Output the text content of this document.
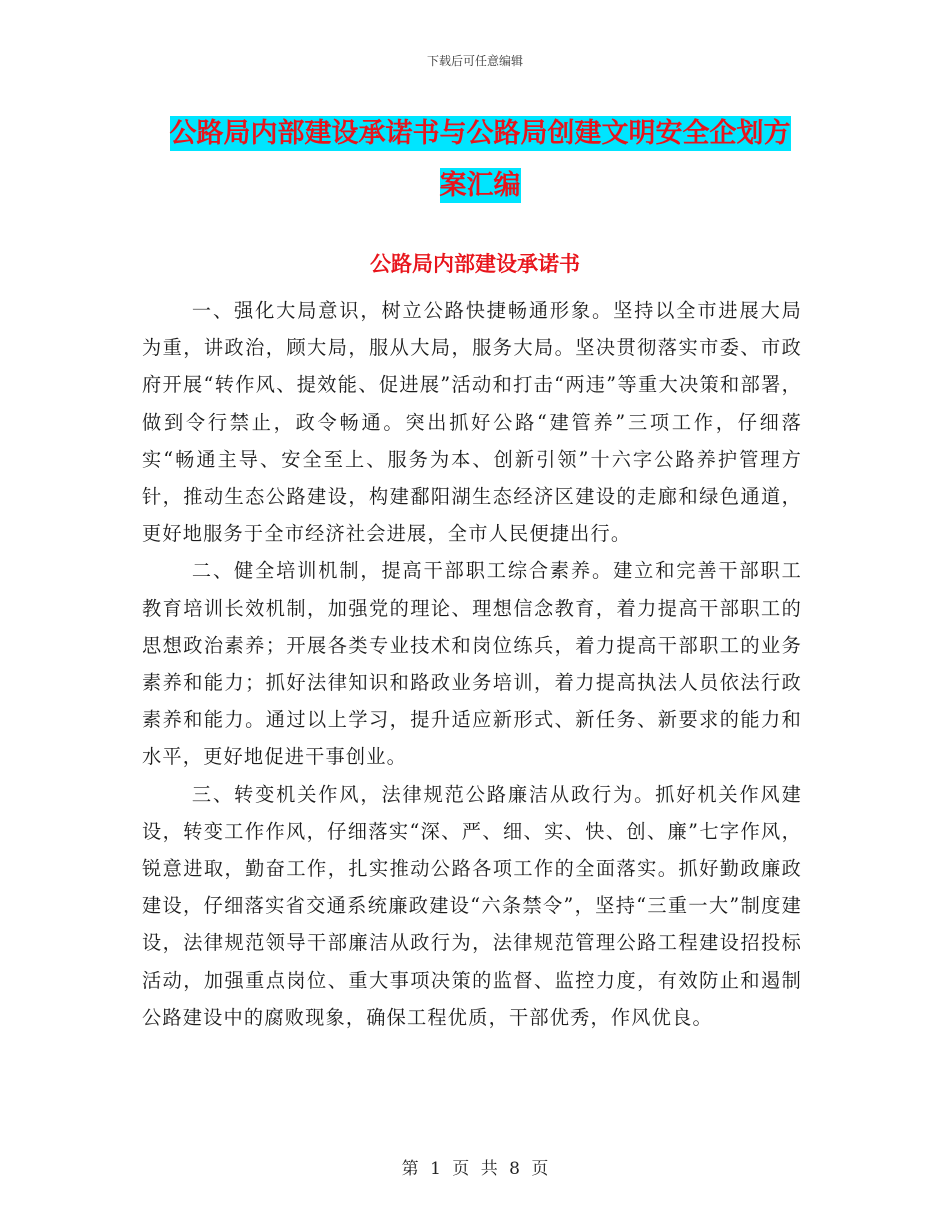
下载后可任意编辑
公路局内部建设承诺书与公路局创建文明安全企划方
案汇编
公路局内部建设承诺书

一、强化大局意识，树立公路快捷畅通形象。坚持以全市进展大局为重，讲政治，顾大局，服从大局，服务大局。坚决贯彻落实市委、市政府开展“转作风、提效能、促进展”活动和打击“两违”等重大决策和部署，做到令行禁止，政令畅通。突出抓好公路“建管养”三项工作，仔细落实“畅通主导、安全至上、服务为本、创新引领”十六字公路养护管理方针，推动生态公路建设，构建鄱阳湖生态经济区建设的走廊和绿色通道，更好地服务于全市经济社会进展，全市人民便捷出行。

二、健全培训机制，提高干部职工综合素养。建立和完善干部职工教育培训长效机制，加强党的理论、理想信念教育，着力提高干部职工的思想政治素养；开展各类专业技术和岗位练兵，着力提高干部职工的业务素养和能力；抓好法律知识和路政业务培训，着力提高执法人员依法行政素养和能力。通过以上学习，提升适应新形式、新任务、新要求的能力和水平，更好地促进干事创业。

三、转变机关作风，法律规范公路廉洁从政行为。抓好机关作风建设，转变工作作风，仔细落实“深、严、细、实、快、创、廉”七字作风，锐意进取，勤奋工作，扎实推动公路各项工作的全面落实。抓好勤政廉政建设，仔细落实省交通系统廉政建设“六条禁令”，坚持“三重一大”制度建设，法律规范领导干部廉洁从政行为，法律规范管理公路工程建设招投标活动，加强重点岗位、重大事项决策的监督、监控力度，有效防止和遏制公路建设中的腐败现象，确保工程优质，干部优秀，作风优良。

第 1 页 共 8 页
